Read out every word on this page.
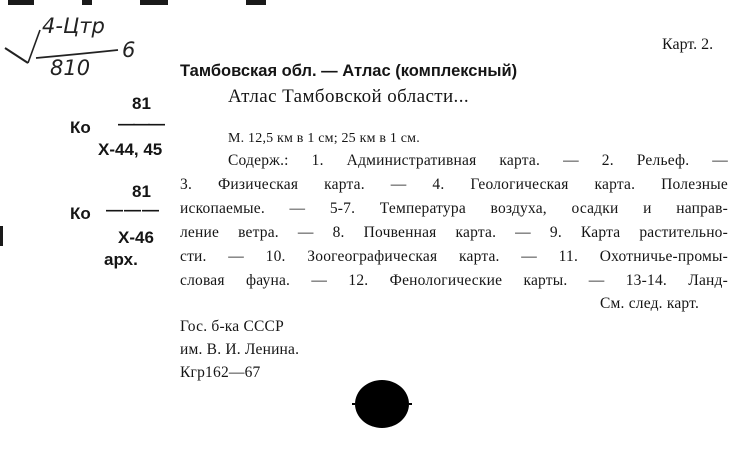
4-Цтр
810
6	Карт. 2.
81
Ко ———
X-44, 45
81
Ко ———
X-46
арх.
Тамбовская обл. — Атлас (комплексный)
Атлас Тамбовской области...
М. 12,5 км в 1 см; 25 км в 1 см.
Содерж.: 1. Административная карта. — 2. Рельеф. —
3. Физическая карта. — 4. Геологическая карта. Полезные
ископаемые. — 5-7. Температура воздуха, осадки и направ-
ление ветра. — 8. Почвенная карта. — 9. Карта растительно-
сти. — 10. Зоогеографическая карта. — 11. Охотничье-промы-
словая фауна. — 12. Фенологические карты. — 13-14. Ланд-
См. след. карт.
Гос. б-ка СССР
им. В. И. Ленина.
Кгр162—67
